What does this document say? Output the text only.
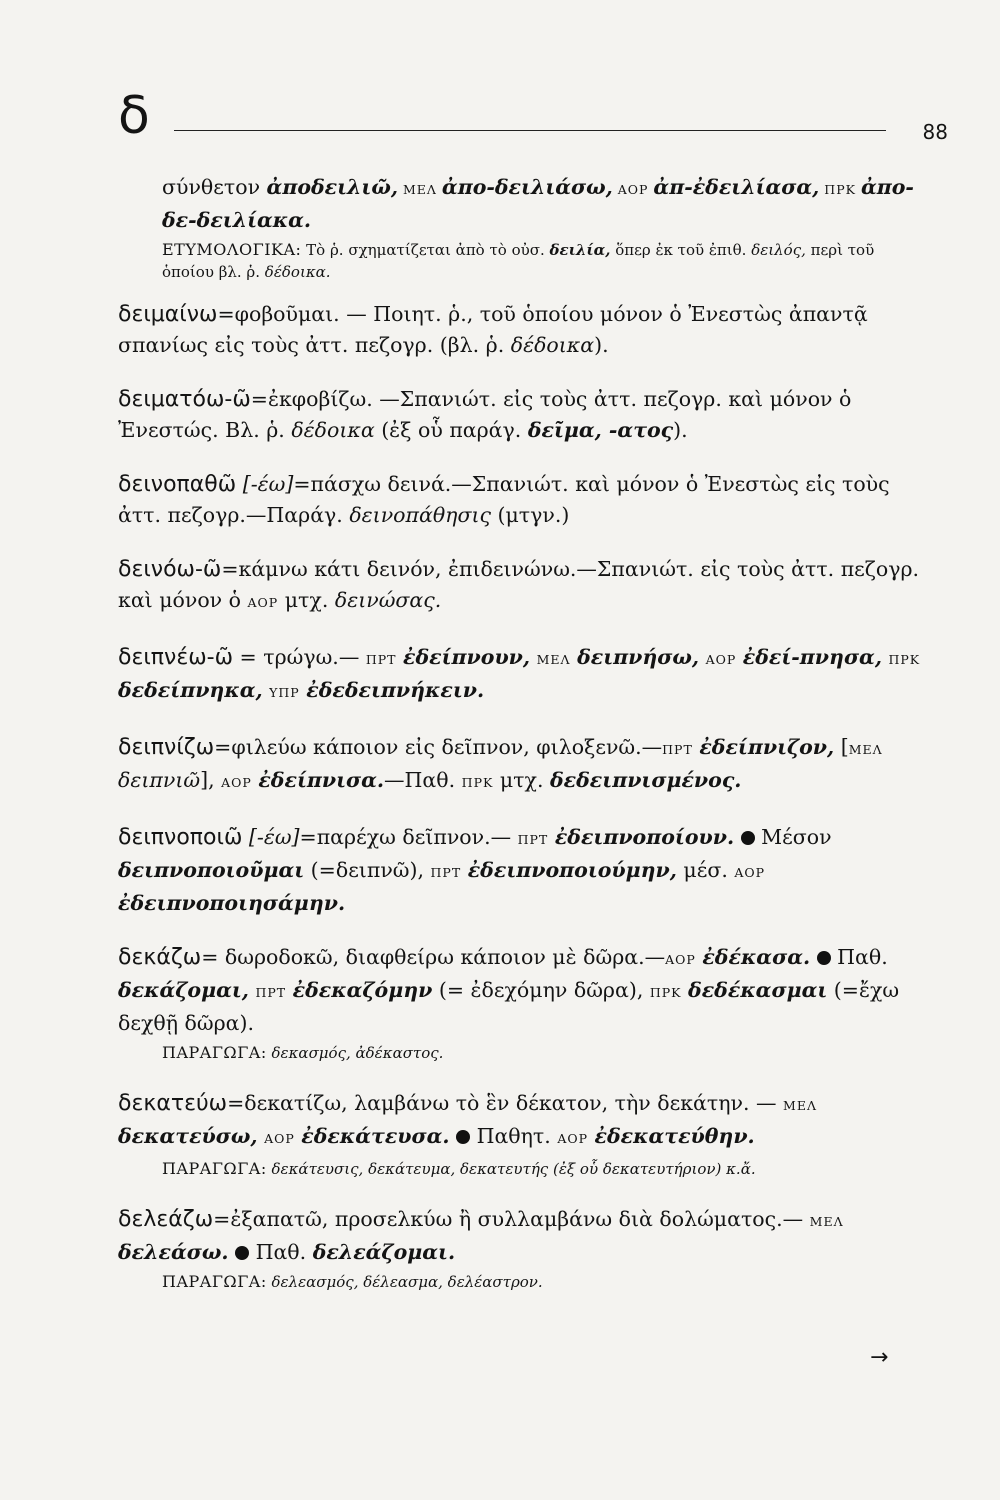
δ	88
σύνθετον ἀποδειλιῶ, ΜΕΛ ἀπο-δειλιάσω, ΑΟΡ ἀπ-ἐδειλίασα, ΠΡΚ ἀπο-δε-δειλίακα.
ΕΤΥΜΟΛΟΓΙΚΑ: Τὸ ῥ. σχηματίζεται ἀπὸ τὸ οὐσ. δειλία, ὅπερ ἐκ τοῦ ἐπιθ. δειλός, περὶ τοῦ ὁποίου βλ. ῥ. δέδοικα.
δειμαίνω=φοβοῦμαι. — Ποιητ. ῥ., τοῦ ὁποίου μόνον ὁ Ἐνεστὼς ἀπαντᾷ σπανίως εἰς τοὺς ἀττ. πεζογρ. (βλ. ῥ. δέδοικα).
δειματόω-ῶ=ἐκφοβίζω. —Σπανιώτ. εἰς τοὺς ἀττ. πεζογρ. καὶ μόνον ὁ Ἐνεστώς. Βλ. ῥ. δέδοικα (ἐξ οὗ παράγ. δεῖμα, -ατος).
δεινοπαθῶ [-έω]=πάσχω δεινά.—Σπανιώτ. καὶ μόνον ὁ Ἐνεστὼς εἰς τοὺς ἀττ. πεζογρ.—Παράγ. δεινοπάθησις (μτγν.)
δεινόω-ῶ=κάμνω κάτι δεινόν, ἐπιδεινώνω.—Σπανιώτ. εἰς τοὺς ἀττ. πεζογρ. καὶ μόνον ὁ ΑΟΡ μτχ. δεινώσας.
δειπνέω-ῶ = τρώγω.— ΠΡΤ ἐδείπνουν, ΜΕΛ δειπνήσω, ΑΟΡ ἐδεί-πνησα, ΠΡΚ δεδείπνηκα, ΥΠΡ ἐδεδειπνήκειν.
δειπνίζω=φιλεύω κάποιον εἰς δεῖπνον, φιλοξενῶ.—ΠΡΤ ἐδείπνιζον, [ΜΕΛ δειπνιῶ], ΑΟΡ ἐδείπνισα.—Παθ. ΠΡΚ μτχ. δεδειπνισμένος.
δειπνοποιῶ [-έω]=παρέχω δεῖπνον.— ΠΡΤ ἐδειπνοποίουν.  Μέσον δειπνοποιοῦμαι (=δειπνῶ), ΠΡΤ ἐδειπνοποιούμην, μέσ. ΑΟΡ ἐδειπνοποιησάμην.
δεκάζω= δωροδοκῶ, διαφθείρω κάποιον μὲ δῶρα.—ΑΟΡ ἐδέκασα.  Παθ. δεκάζομαι, ΠΡΤ ἐδεκαζόμην (= ἐδεχόμην δῶρα), ΠΡΚ δεδέκασμαι (=ἔχω δεχθῇ δῶρα).
ΠΑΡΑΓΩΓΑ: δεκασμός, ἀδέκαστος.
δεκατεύω=δεκατίζω, λαμβάνω τὸ ἓν δέκατον, τὴν δεκάτην. — ΜΕΛ δεκατεύσω, ΑΟΡ ἐδεκάτευσα.  Παθητ. ΑΟΡ ἐδεκατεύθην.
ΠΑΡΑΓΩΓΑ: δεκάτευσις, δεκάτευμα, δεκατευτής (ἐξ οὗ δεκατευτήριον) κ.ἄ.
δελεάζω=ἐξαπατῶ, προσελκύω ἢ συλλαμβάνω διὰ δολώματος.— ΜΕΛ δελεάσω.  Παθ. δελεάζομαι.
ΠΑΡΑΓΩΓΑ: δελεασμός, δέλεασμα, δελέαστρον.
→
